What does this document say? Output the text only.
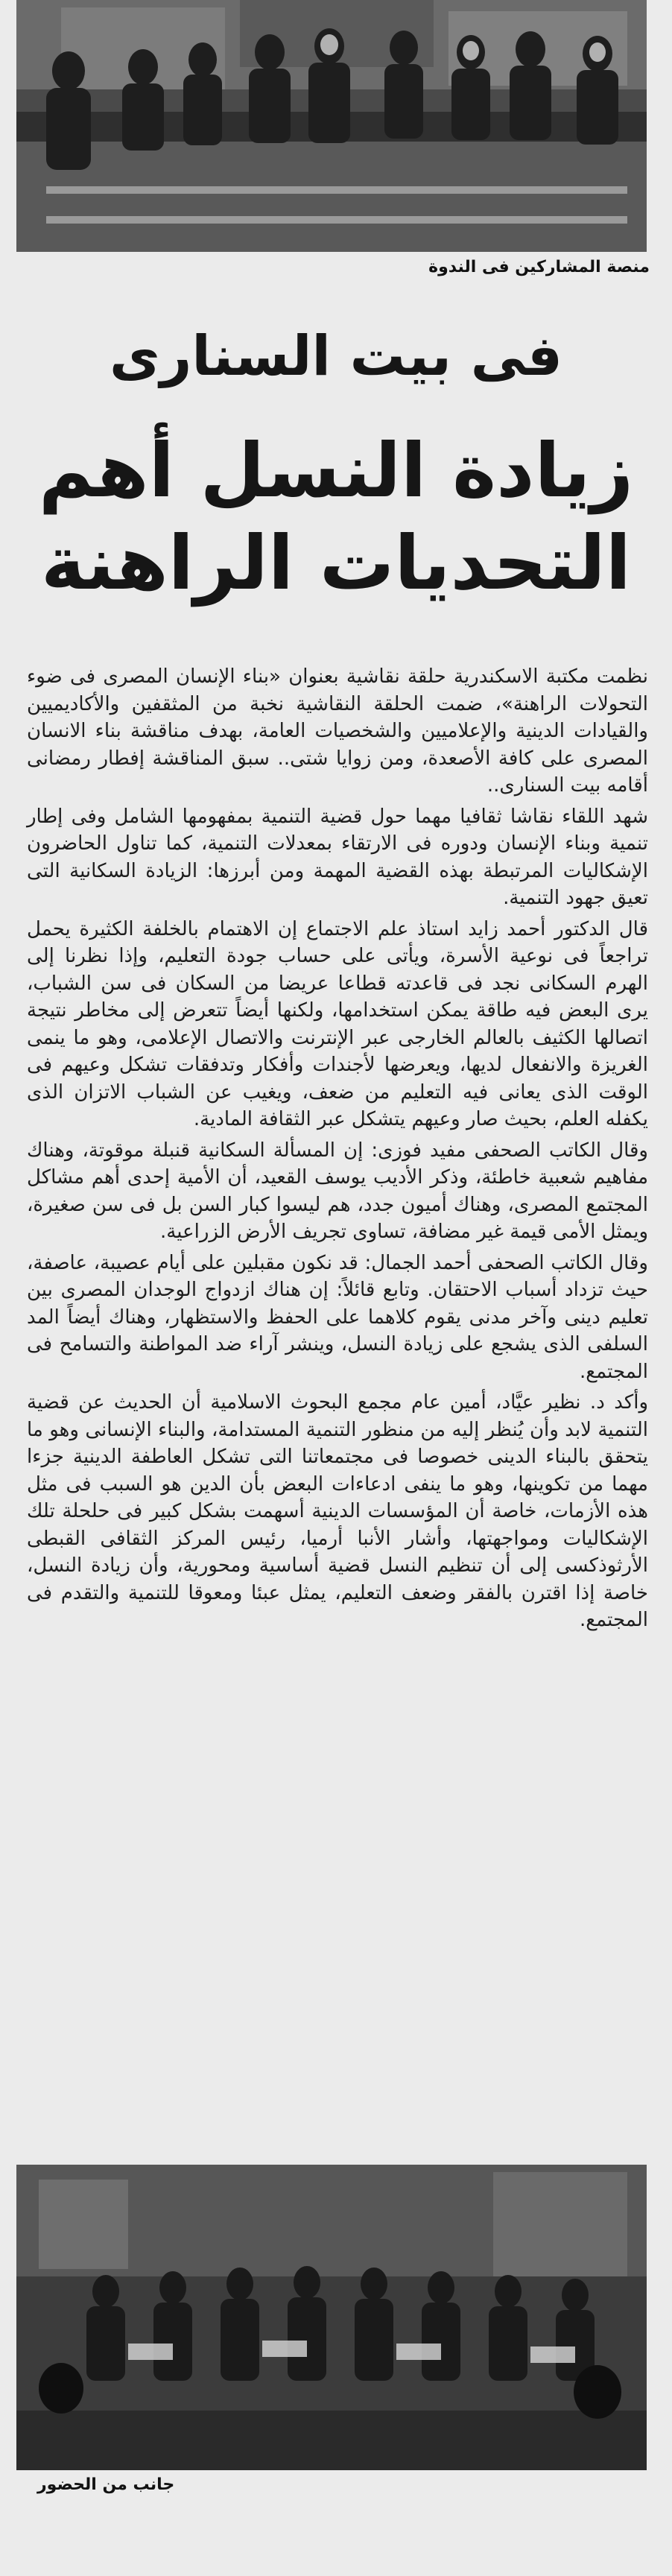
منصة المشاركين فى الندوة
فى بيت السنارى
زيادة النسل أهم
التحديات الراهنة

نظمت مكتبة الاسكندرية حلقة نقاشية بعنوان «بناء الإنسان المصرى فى ضوء التحولات الراهنة»، ضمت الحلقة النقاشية نخبة من المثقفين والأكاديميين والقيادات الدينية والإعلاميين والشخصيات العامة، بهدف مناقشة بناء الانسان المصرى على كافة الأصعدة، ومن زوايا شتى.. سبق المناقشة إفطار رمضانى أقامه بيت السنارى..

شهد اللقاء نقاشا ثقافيا مهما حول قضية التنمية بمفهومها الشامل وفى إطار تنمية وبناء الإنسان ودوره فى الارتقاء بمعدلات التنمية، كما تناول الحاضرون الإشكاليات المرتبطة بهذه القضية المهمة ومن أبرزها: الزيادة السكانية التى تعيق جهود التنمية.

قال الدكتور أحمد زايد استاذ علم الاجتماع إن الاهتمام بالخلفة الكثيرة يحمل تراجعاً فى نوعية الأسرة، ويأتى على حساب جودة التعليم، وإذا نظرنا إلى الهرم السكانى نجد فى قاعدته قطاعا عريضا من السكان فى سن الشباب، يرى البعض فيه طاقة يمكن استخدامها، ولكنها أيضاً تتعرض إلى مخاطر نتيجة اتصالها الكثيف بالعالم الخارجى عبر الإنترنت والاتصال الإعلامى، وهو ما ينمى الغريزة والانفعال لديها، ويعرضها لأجندات وأفكار وتدفقات تشكل وعيهم فى الوقت الذى يعانى فيه التعليم من ضعف، ويغيب عن الشباب الاتزان الذى يكفله العلم، بحيث صار وعيهم يتشكل عبر الثقافة المادية.

وقال الكاتب الصحفى مفيد فوزى: إن المسألة السكانية قنبلة موقوتة، وهناك مفاهيم شعبية خاطئة، وذكر الأديب يوسف القعيد، أن الأمية إحدى أهم مشاكل المجتمع المصرى، وهناك أميون جدد، هم ليسوا كبار السن بل فى سن صغيرة، ويمثل الأمى قيمة غير مضافة، تساوى تجريف الأرض الزراعية.

وقال الكاتب الصحفى أحمد الجمال: قد نكون مقبلين على أيام عصيبة، عاصفة، حيث تزداد أسباب الاحتقان. وتابع قائلاً: إن هناك ازدواج الوجدان المصرى بين تعليم دينى وآخر مدنى يقوم كلاهما على الحفظ والاستظهار، وهناك أيضاً المد السلفى الذى يشجع على زيادة النسل، وينشر آراء ضد المواطنة والتسامح فى المجتمع.

وأكد د. نظير عيَّاد، أمين عام مجمع البحوث الاسلامية أن الحديث عن قضية التنمية لابد وأن يُنظر إليه من منظور التنمية المستدامة، والبناء الإنسانى وهو ما يتحقق بالبناء الدينى خصوصا فى مجتمعاتنا التى تشكل العاطفة الدينية جزءا مهما من تكوينها، وهو ما ينفى ادعاءات البعض بأن الدين هو السبب فى مثل هذه الأزمات، خاصة أن المؤسسات الدينية أسهمت بشكل كبير فى حلحلة تلك الإشكاليات ومواجهتها، وأشار الأنبا أرميا، رئيس المركز الثقافى القبطى الأرثوذكسى إلى أن تنظيم النسل قضية أساسية ومحورية، وأن زيادة النسل، خاصة إذا اقترن بالفقر وضعف التعليم، يمثل عبئا ومعوقا للتنمية والتقدم فى المجتمع.

جانب من الحضور
